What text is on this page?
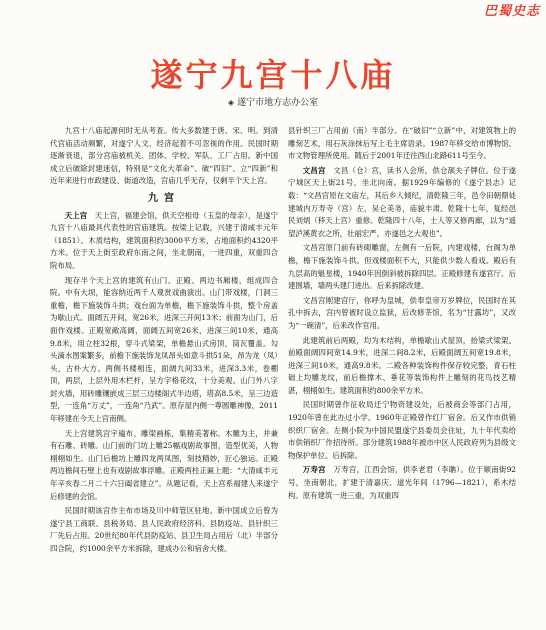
巴蜀史志
遂宁九宫十八庙
◈ 遂宁市地方志办公室

九宫十八庙起源何时无从考查。传大多数建于唐、宋、明。到清代宫庙活动频繁，对遂宁人文、经济起着不可忽视的作用。民国时期逐渐衰退，部分宫庙被机关、团体、学校、军队、工厂占用。新中国成立后破除封建迷信，特别是“文化大革命”、破“四旧”、立“四新”和近年来进行市政建设、街道改造，宫庙几乎无存，仅剩半个天上宫。

九宫

天上宫　 天上宫，福建会馆，供天空相母（玉皇的母亲），是遂宁九宫十八庙最具代表性的宫庙建筑。按梁上记载，兴建于清咸丰元年（1851）。木质结构，建筑面积约3000平方米，占地面积约4320平方米。位于天上街至政府东南之间，坐北朝南，一进四重，双重四合院布局。

现存半个天上宫的建筑有山门、正殿、两边书厢楼，组成四合院。中有大坝，能容纳近两千人观赏戏曲演出。山门带戏楼，门洞三重檐，檐下施装饰斗拱；戏台面为单檐，檐下施装饰斗拱，整个房盖为歇山式。面阔五开间，宽26米，进深三开间13米；前面为山门，后面作戏楼。正殿宽敞高阔，面阔五间宽26米，进深三间10米，通高9.8米，用立柱32根，穿斗式梁架，单檐悬山式房顶，筒瓦覆盖。勾头滴水图案繁多，前檐下施装饰龙凤昂头如意斗拱51朵，昂为龙（凤）头，古朴大方。两侧书楼相连，面阔九间33米，进深3.3米，卷棚顶，两层，上层外用木栏杆，呈方字格花纹，十分美观。山门外八字封火墙，用砖雕镶嵌成三层三边楼阁式半边塔，塔高8.5米，呈三边造型，一连角“万丈”，一连角“乃武”。原存屋内侧一尊圆雕神像，2011年移建在今天上宫南侧。

天上宫建筑宫宇遍布、雕梁画栋，集精美著称。木雕为主，并兼有石雕、砖雕。山门前的门坊上雕25幅戏剧故事图，造型优美，人物栩栩如生。山门后檐坊上雕四龙两凤图，刻技精妙，匠心独运。正殿两边檐间石壁上也有戏剧故事浮雕。正殿两柱正匾上题：“大清咸丰元年辛亥春二月二十六日阖省建立”。从题记看，天上宫系福建人来遂宁后修建的会馆。

民国时期该宫作主布市场及川中师管区驻地。新中国成立后曾为遂宁县工商联、县税务局、县人民政府经济科、县防疫站、县针织三厂先后占用。20世纪80年代县防疫站、县卫生局占用后（北）半部分四合院，约1000余平方米拆除，建成办公和宿舍大楼。

县针织三厂占用前（南）半部分。在“破旧”“立新”中，对建筑物上的雕刻艺术，用石灰涂抹后写上毛主席语录。1987年移交给市博物馆、市文物管理所使用。随后于2001年迁往西山北路611号至今。

文昌宫　 文昌（仓）宫，读书人会所，供仓颉夫子牌位。位于遂宁城区天上街21号，坐北向南。据1929年编修的《遂宁县志》记载：“文昌宫原在文庙左，其后乡人倾纪，清乾隆三年，邑令田朝鼎徒建城内万寿寺（宫）左，吴仑美务，庙貌丰肃。乾隆十七年，复经邑民刘炳（移天上宫）重修。乾隆四十八年，士人等又修两廊，以为“遥望泸溪黄衣之所，壮丽宏严，亦遂邑之大观也”。

文昌宫原门前有砖砌雕窗，左侧有一后院，内建戏楼，台阁为单檐，檐下施装饰斗拱。但戏楼面积不大，只能供少数人看戏。殿后有九层高的魁星楼，1940年因倒斜被拆除四层。正殿修建有遂官厅、后建围墙，墙两头建门进出。后来拆除改建。

文昌宫刚建宫厅，你呼为皇城，供奉皇帝万岁牌位，民国时在其孔中拆去，宫内曾被时设立监狱，后改修茶馆，名为“甘露坊”，又改为“一碗清”，后来改作官用。

此建筑前后两殿，均为木结构，单檐歇山式屋顶，抬梁式梁架。前殿面阔四间宽14.9米，进深二间8.2米，后殿面阔五间宽19.8米，进深三间10米，通高9.8米。二殿各种装饰构件保存较完整，青石柱础上均雕龙纹，前后檐撑木、垂花等装饰构件上雕刻的花鸟技艺精湛，栩栩如生。建筑面积约800余平方米。

民国时期曾作征收局迁宁物资建设处，后被商会等部门占用，1920年曾在此办过小学。1960年正殿曾作红厂宿舍。后又作市供销织织厂宿舍。左侧小院为中国民盟遂宁县委员会住址，九十年代卖给市供销织厂作招待所。部分建筑1988年被市中区人民政府列为县级文物保护单位。后拆除。

万寿宫　 万寿宫，江西会馆，供李老君（李聃）。位于顺南街92号，坐南朝北，扩建于清嘉庆、道光年间（1796—1821），系木结构。原有建筑一进三重，为双重四
